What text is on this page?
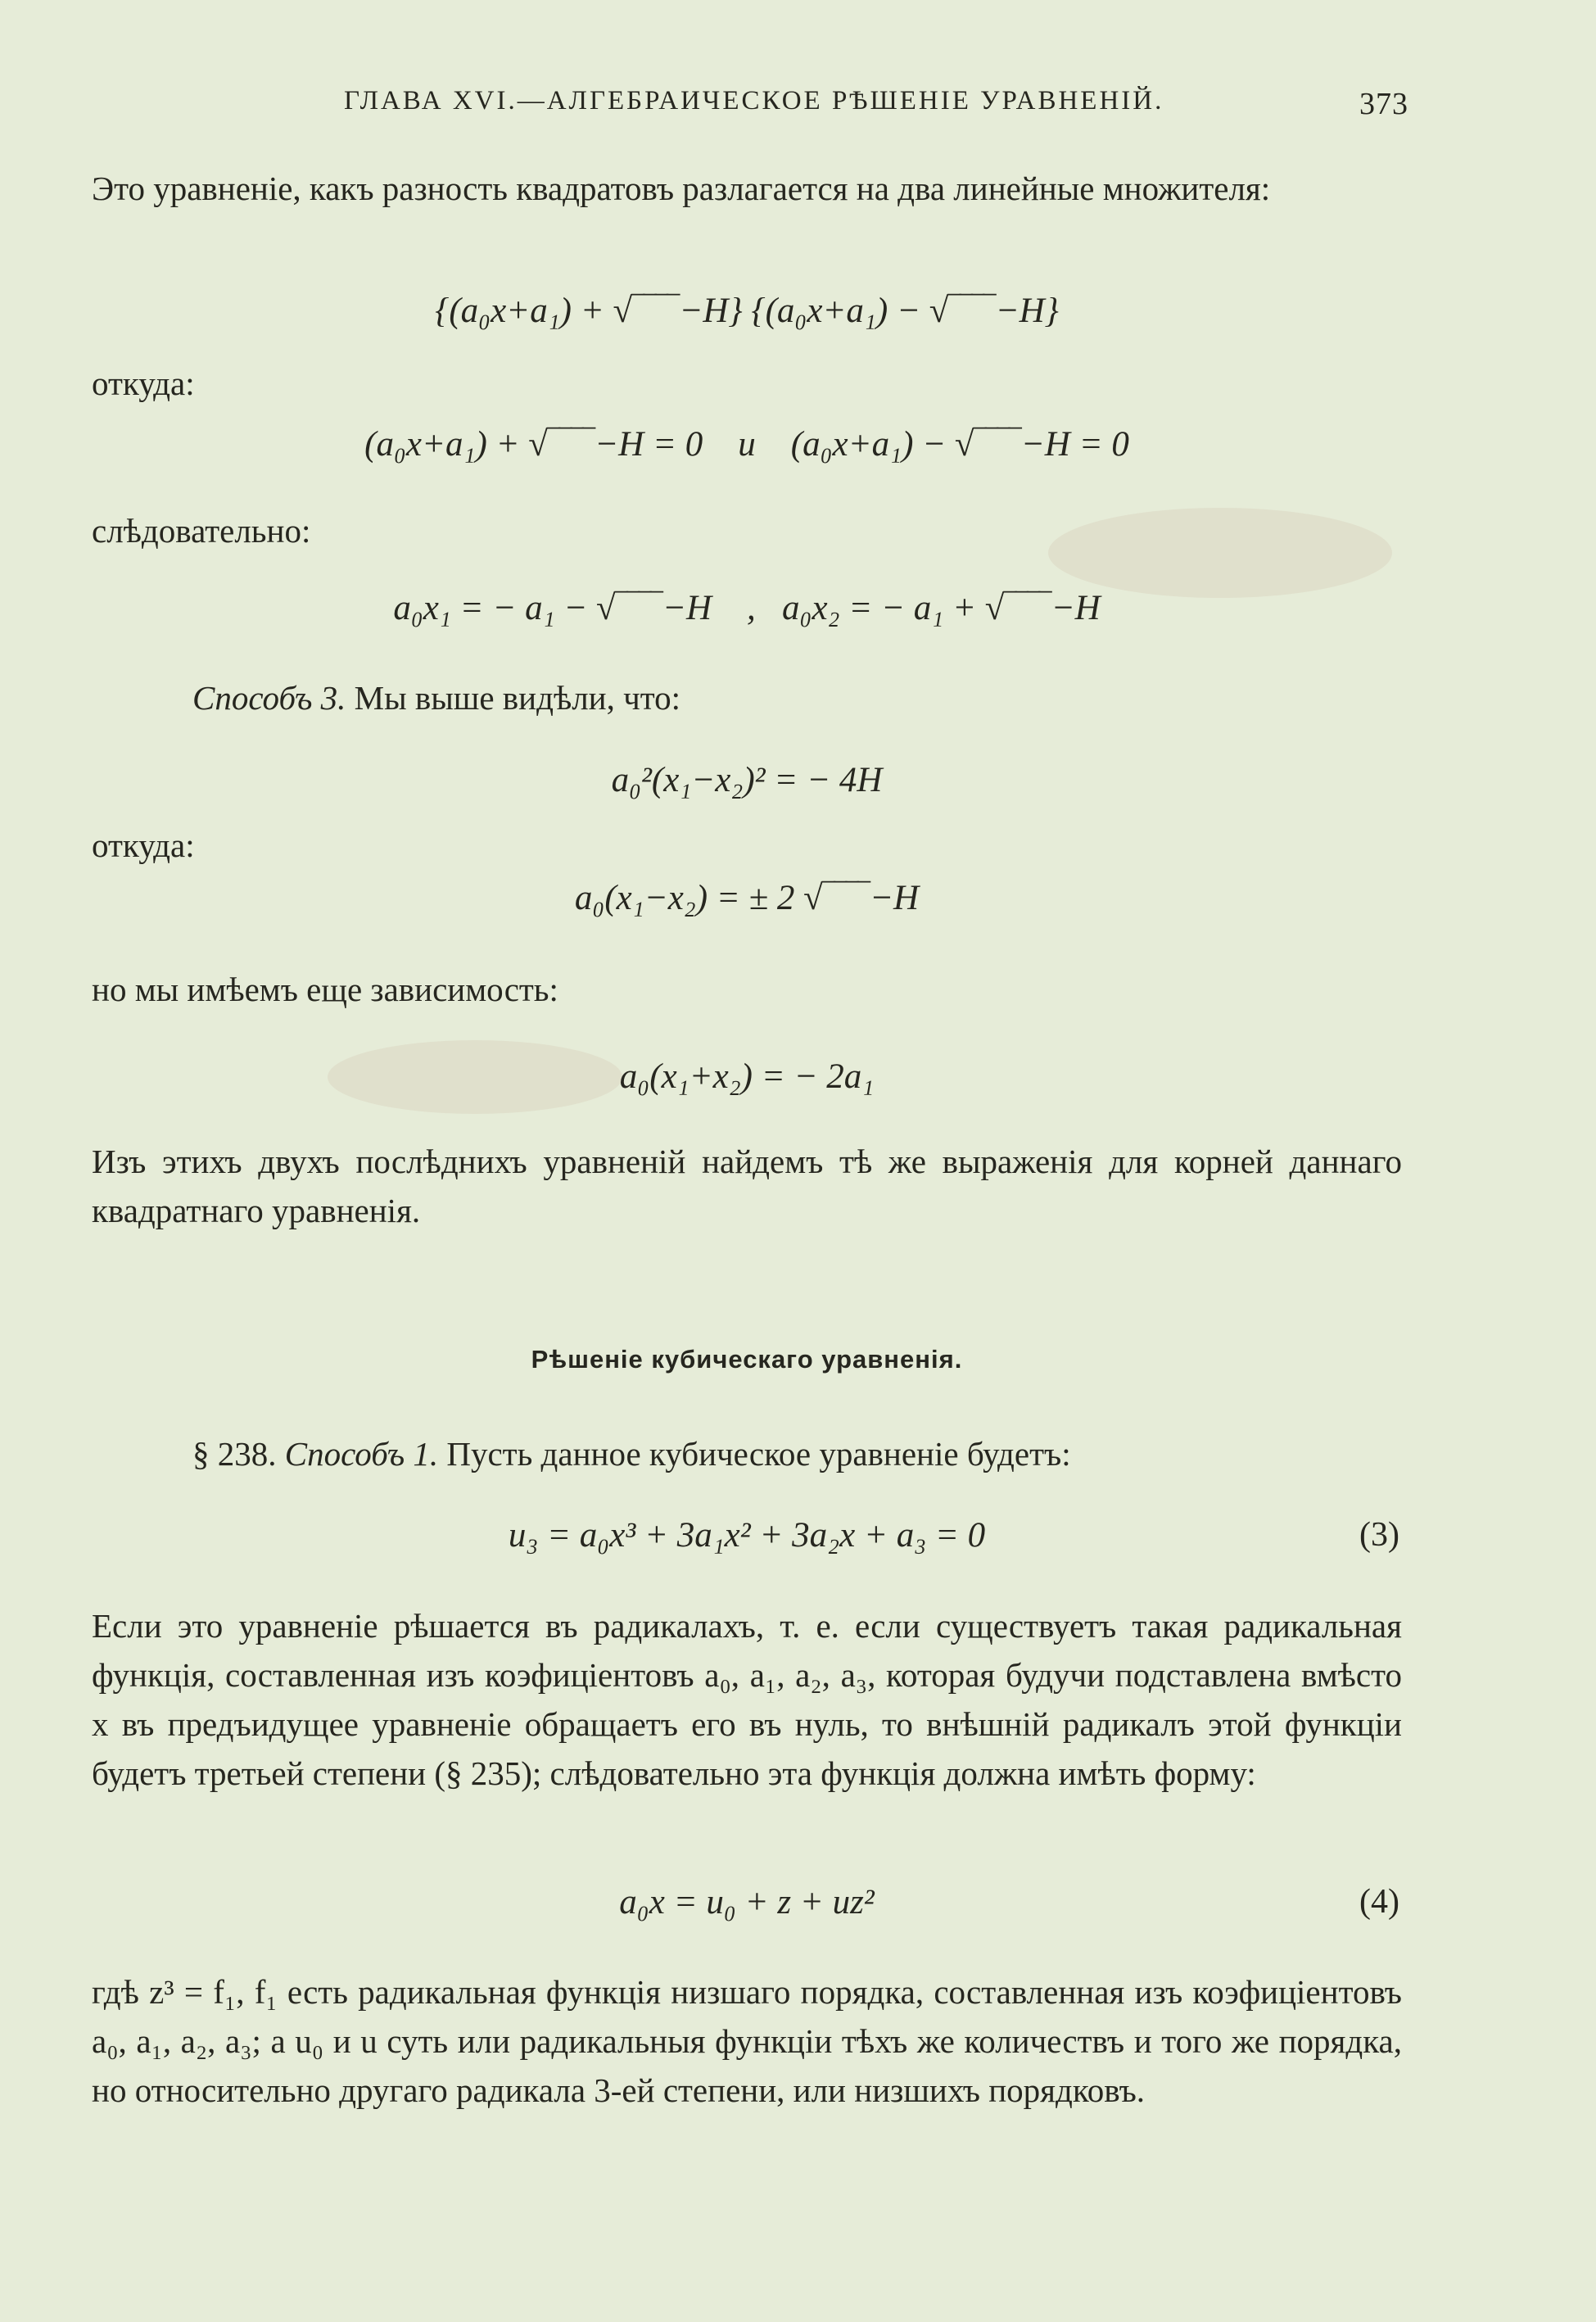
ГЛАВА XVI.—АЛГЕБРАИЧЕСКОЕ РѢШЕНІЕ УРАВНЕНІЙ.	373
Это уравненіе, какъ разность квадратовъ разлагается на два линейные множителя:
{(a₀x+a₁) + √‾‾‾‾−H} {(a₀x+a₁) − √‾‾‾‾−H}
откуда:
(a₀x+a₁) + √‾‾‾‾−H = 0    и    (a₀x+a₁) − √‾‾‾‾−H = 0
слѣдовательно:
a₀x₁ = − a₁ − √‾‾‾‾−H    ,   a₀x₂ = − a₁ + √‾‾‾‾−H
Способъ 3. Мы выше видѣли, что:
a₀²(x₁−x₂)² = − 4H
откуда:
a₀(x₁−x₂) = ± 2 √‾‾‾‾−H
но мы имѣемъ еще зависимость:
a₀(x₁+x₂) = − 2a₁
Изъ этихъ двухъ послѣднихъ уравненій найдемъ тѣ же выраженія для корней даннаго квадратнаго уравненія.
Рѣшеніе кубическаго уравненія.
§ 238. Способъ 1. Пусть данное кубическое уравненіе будетъ:
u₃ = a₀x³ + 3a₁x² + 3a₂x + a₃ = 0	(3)
Если это уравненіе рѣшается въ радикалахъ, т. е. если существуетъ такая радикальная функція, составленная изъ коэфиціентовъ a₀, a₁, a₂, a₃, которая будучи подставлена вмѣсто x въ предъидущее уравненіе обращаетъ его въ нуль, то внѣшній радикалъ этой функціи будетъ третьей степени (§ 235); слѣдовательно эта функція должна имѣть форму:
a₀x = u₀ + z + uz²	(4)
гдѣ z³ = f₁, f₁ есть радикальная функція низшаго порядка, составленная изъ коэфиціентовъ a₀, a₁, a₂, a₃; а u₀ и u суть или радикальныя функціи тѣхъ же количествъ и того же порядка, но относительно другаго радикала 3-ей степени, или низшихъ порядковъ.
